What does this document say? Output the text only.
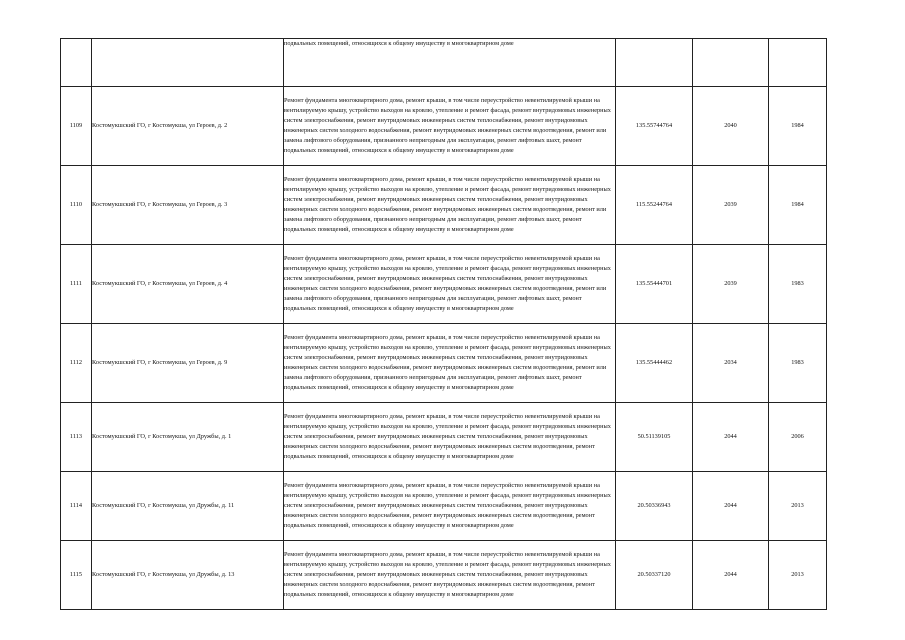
		подвальных помещений, относящихся к общему имуществу в многоквартирном доме			
1109	Костомукшский ГО, г Костомукша, ул Героев, д. 2	Ремонт фундамента многоквартирного дома, ремонт крыши, в том числе переустройство невентилируемой крыши на вентилируемую крышу, устройство выходов на кровлю, утепление и ремонт фасада, ремонт внутридомовых инженерных систем электроснабжения, ремонт внутридомовых инженерных систем теплоснабжения, ремонт внутридомовых инженерных систем холодного водоснабжения, ремонт внутридомовых инженерных систем водоотведения, ремонт или замена лифтового оборудования, признанного непригодным для эксплуатации, ремонт лифтовых шахт, ремонт подвальных помещений, относящихся к общему имуществу в многоквартирном доме	135.55744764	2040	1984
1110	Костомукшский ГО, г Костомукша, ул Героев, д. 3	Ремонт фундамента многоквартирного дома, ремонт крыши, в том числе переустройство невентилируемой крыши на вентилируемую крышу, устройство выходов на кровлю, утепление и ремонт фасада, ремонт внутридомовых инженерных систем электроснабжения, ремонт внутридомовых инженерных систем теплоснабжения, ремонт внутридомовых инженерных систем холодного водоснабжения, ремонт внутридомовых инженерных систем водоотведения, ремонт или замена лифтового оборудования, признанного непригодным для эксплуатации, ремонт лифтовых шахт, ремонт подвальных помещений, относящихся к общему имуществу в многоквартирном доме	115.55244764	2039	1984
1111	Костомукшский ГО, г Костомукша, ул Героев, д. 4	Ремонт фундамента многоквартирного дома, ремонт крыши, в том числе переустройство невентилируемой крыши на вентилируемую крышу, устройство выходов на кровлю, утепление и ремонт фасада, ремонт внутридомовых инженерных систем электроснабжения, ремонт внутридомовых инженерных систем теплоснабжения, ремонт внутридомовых инженерных систем холодного водоснабжения, ремонт внутридомовых инженерных систем водоотведения, ремонт или замена лифтового оборудования, признанного непригодным для эксплуатации, ремонт лифтовых шахт, ремонт подвальных помещений, относящихся к общему имуществу в многоквартирном доме	135.55444701	2039	1983
1112	Костомукшский ГО, г Костомукша, ул Героев, д. 9	Ремонт фундамента многоквартирного дома, ремонт крыши, в том числе переустройство невентилируемой крыши на вентилируемую крышу, устройство выходов на кровлю, утепление и ремонт фасада, ремонт внутридомовых инженерных систем электроснабжения, ремонт внутридомовых инженерных систем теплоснабжения, ремонт внутридомовых инженерных систем холодного водоснабжения, ремонт внутридомовых инженерных систем водоотведения, ремонт или замена лифтового оборудования, признанного непригодным для эксплуатации, ремонт лифтовых шахт, ремонт подвальных помещений, относящихся к общему имуществу в многоквартирном доме	135.55444462	2034	1983
1113	Костомукшский ГО, г Костомукша, ул Дружбы, д. 1	Ремонт фундамента многоквартирного дома, ремонт крыши, в том числе переустройство невентилируемой крыши на вентилируемую крышу, устройство выходов на кровлю, утепление и ремонт фасада, ремонт внутридомовых инженерных систем электроснабжения, ремонт внутридомовых инженерных систем теплоснабжения, ремонт внутридомовых инженерных систем холодного водоснабжения, ремонт внутридомовых инженерных систем водоотведения, ремонт подвальных помещений, относящихся к общему имуществу в многоквартирном доме	50.51139105	2044	2006
1114	Костомукшский ГО, г Костомукша, ул Дружбы, д. 11	Ремонт фундамента многоквартирного дома, ремонт крыши, в том числе переустройство невентилируемой крыши на вентилируемую крышу, устройство выходов на кровлю, утепление и ремонт фасада, ремонт внутридомовых инженерных систем электроснабжения, ремонт внутридомовых инженерных систем теплоснабжения, ремонт внутридомовых инженерных систем холодного водоснабжения, ремонт внутридомовых инженерных систем водоотведения, ремонт подвальных помещений, относящихся к общему имуществу в многоквартирном доме	20.50336943	2044	2013
1115	Костомукшский ГО, г Костомукша, ул Дружбы, д. 13	Ремонт фундамента многоквартирного дома, ремонт крыши, в том числе переустройство невентилируемой крыши на вентилируемую крышу, устройство выходов на кровлю, утепление и ремонт фасада, ремонт внутридомовых инженерных систем электроснабжения, ремонт внутридомовых инженерных систем теплоснабжения, ремонт внутридомовых инженерных систем холодного водоснабжения, ремонт внутридомовых инженерных систем водоотведения, ремонт подвальных помещений, относящихся к общему имуществу в многоквартирном доме	20.50337120	2044	2013
